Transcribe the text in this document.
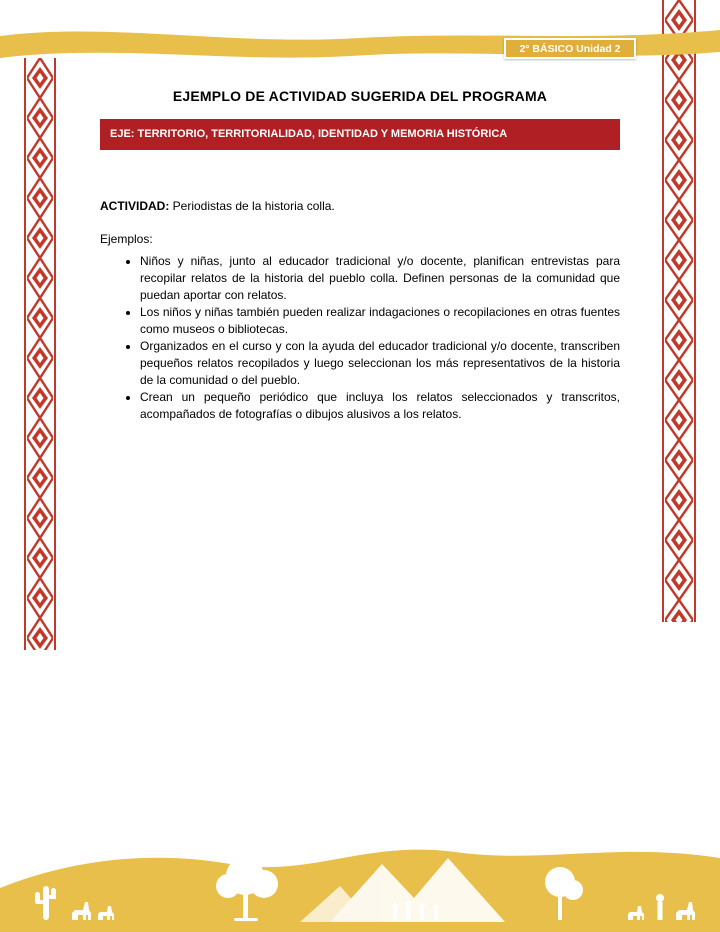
2° BÁSICO Unidad 2
EJEMPLO DE ACTIVIDAD SUGERIDA DEL PROGRAMA
EJE: TERRITORIO, TERRITORIALIDAD, IDENTIDAD Y MEMORIA HISTÓRICA

ACTIVIDAD: Periodistas de la historia colla.

Ejemplos:

• Niños y niñas, junto al educador tradicional y/o docente, planifican entrevistas para recopilar relatos de la historia del pueblo colla. Definen personas de la comunidad que puedan aportar con relatos.
• Los niños y niñas también pueden realizar indagaciones o recopilaciones en otras fuentes como museos o bibliotecas.
• Organizados en el curso y con la ayuda del educador tradicional y/o docente, transcriben pequeños relatos recopilados y luego seleccionan los más representativos de la historia de la comunidad o del pueblo.
• Crean un pequeño periódico que incluya los relatos seleccionados y transcritos, acompañados de fotografías o dibujos alusivos a los relatos.
